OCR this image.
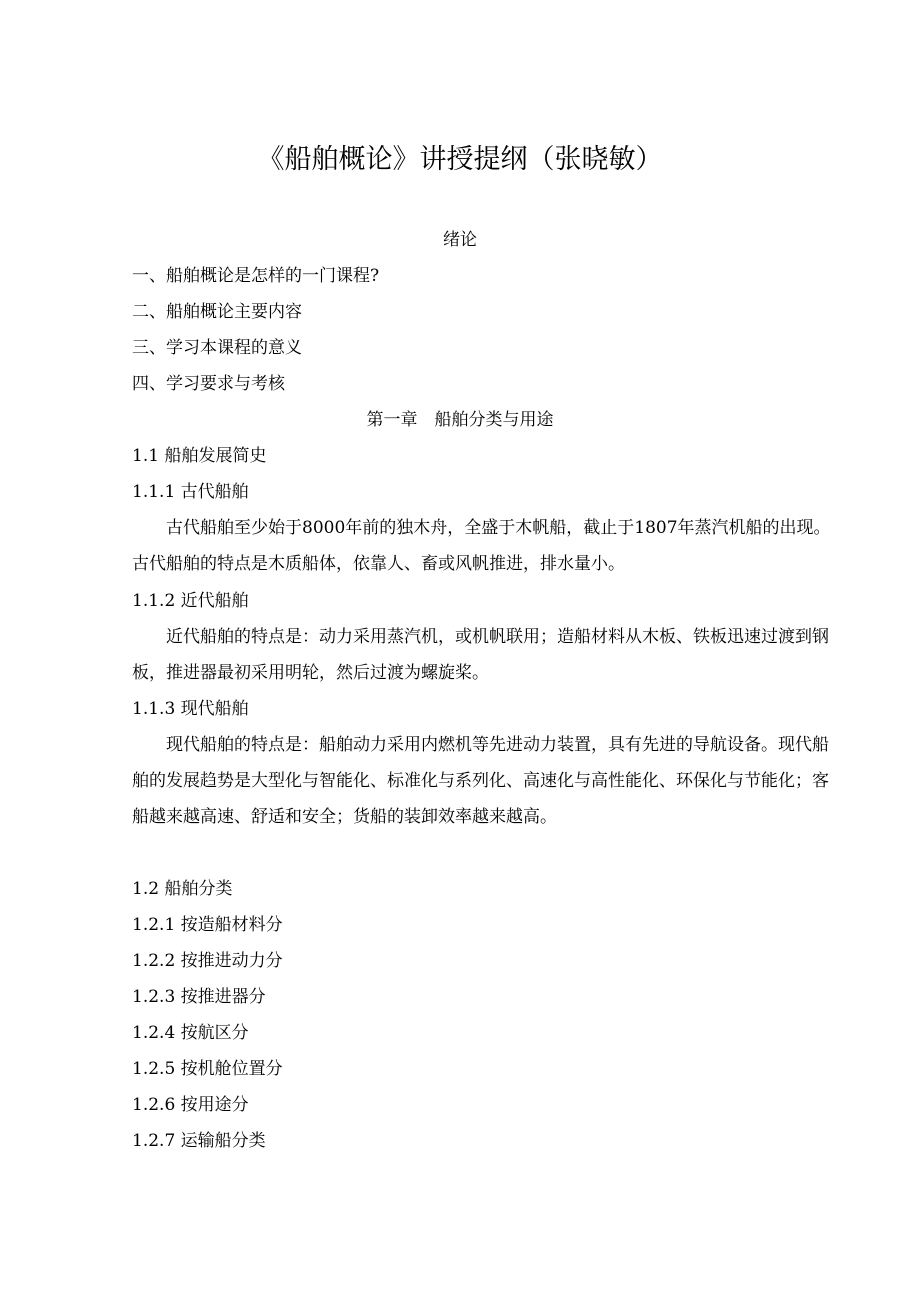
《船舶概论》讲授提纲（张晓敏）
绪论
一、船舶概论是怎样的一门课程?
二、船舶概论主要内容
三、学习本课程的意义
四、学习要求与考核
第一章　船舶分类与用途
1.1 船舶发展简史
1.1.1 古代船舶
古代船舶至少始于8000年前的独木舟，全盛于木帆船，截止于1807年蒸汽机船的出现。古代船舶的特点是木质船体，依靠人、畜或风帆推进，排水量小。
1.1.2 近代船舶
近代船舶的特点是：动力采用蒸汽机，或机帆联用；造船材料从木板、铁板迅速过渡到钢板，推进器最初采用明轮，然后过渡为螺旋桨。
1.1.3 现代船舶
现代船舶的特点是：船舶动力采用内燃机等先进动力装置，具有先进的导航设备。现代船舶的发展趋势是大型化与智能化、标准化与系列化、高速化与高性能化、环保化与节能化；客船越来越高速、舒适和安全；货船的装卸效率越来越高。
1.2 船舶分类
1.2.1 按造船材料分
1.2.2 按推进动力分
1.2.3 按推进器分
1.2.4 按航区分
1.2.5 按机舱位置分
1.2.6 按用途分
1.2.7 运输船分类
